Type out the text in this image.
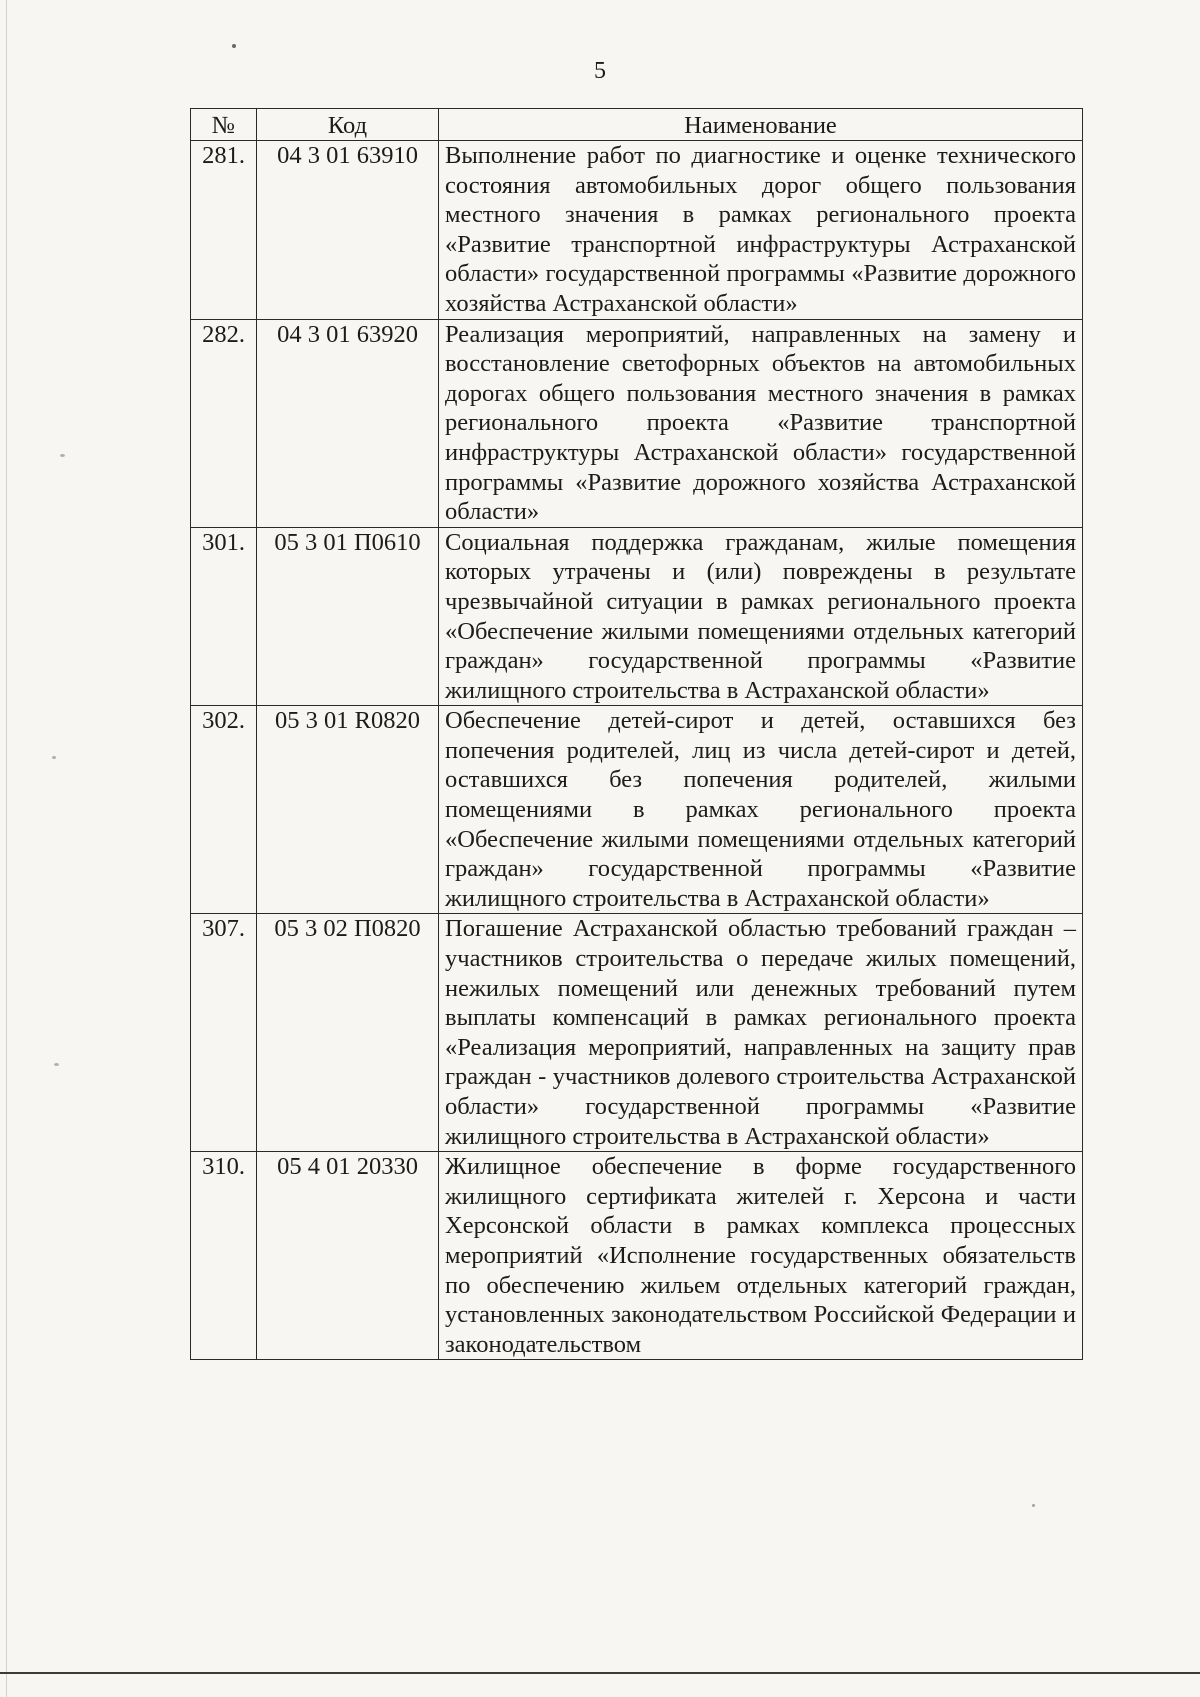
5
№	Код	Наименование
281.	04 3 01 63910	Выполнение работ по диагностике и оценке технического состояния автомобильных дорог общего пользования местного значения в рамках регионального проекта «Развитие транспортной инфраструктуры Астраханской области» государственной программы «Развитие дорожного хозяйства Астраханской области»
282.	04 3 01 63920	Реализация мероприятий, направленных на замену и восстановление светофорных объектов на автомобильных дорогах общего пользования местного значения в рамках регионального проекта «Развитие транспортной инфраструктуры Астраханской области» государственной программы «Развитие дорожного хозяйства Астраханской области»
301.	05 3 01 П0610	Социальная поддержка гражданам, жилые помещения которых утрачены и (или) повреждены в результате чрезвычайной ситуации в рамках регионального проекта «Обеспечение жилыми помещениями отдельных категорий граждан» государственной программы «Развитие жилищного строительства в Астраханской области»
302.	05 3 01 R0820	Обеспечение детей-сирот и детей, оставшихся без попечения родителей, лиц из числа детей-сирот и детей, оставшихся без попечения родителей, жилыми помещениями в рамках регионального проекта «Обеспечение жилыми помещениями отдельных категорий граждан» государственной программы «Развитие жилищного строительства в Астраханской области»
307.	05 3 02 П0820	Погашение Астраханской областью требований граждан – участников строительства о передаче жилых помещений, нежилых помещений или денежных требований путем выплаты компенсаций в рамках регионального проекта «Реализация мероприятий, направленных на защиту прав граждан - участников долевого строительства Астраханской области» государственной программы «Развитие жилищного строительства в Астраханской области»
310.	05 4 01 20330	Жилищное обеспечение в форме государственного жилищного сертификата жителей г. Херсона и части Херсонской области в рамках комплекса процессных мероприятий «Исполнение государственных обязательств по обеспечению жильем отдельных категорий граждан, установленных законодательством Российской Федерации и законодательством
